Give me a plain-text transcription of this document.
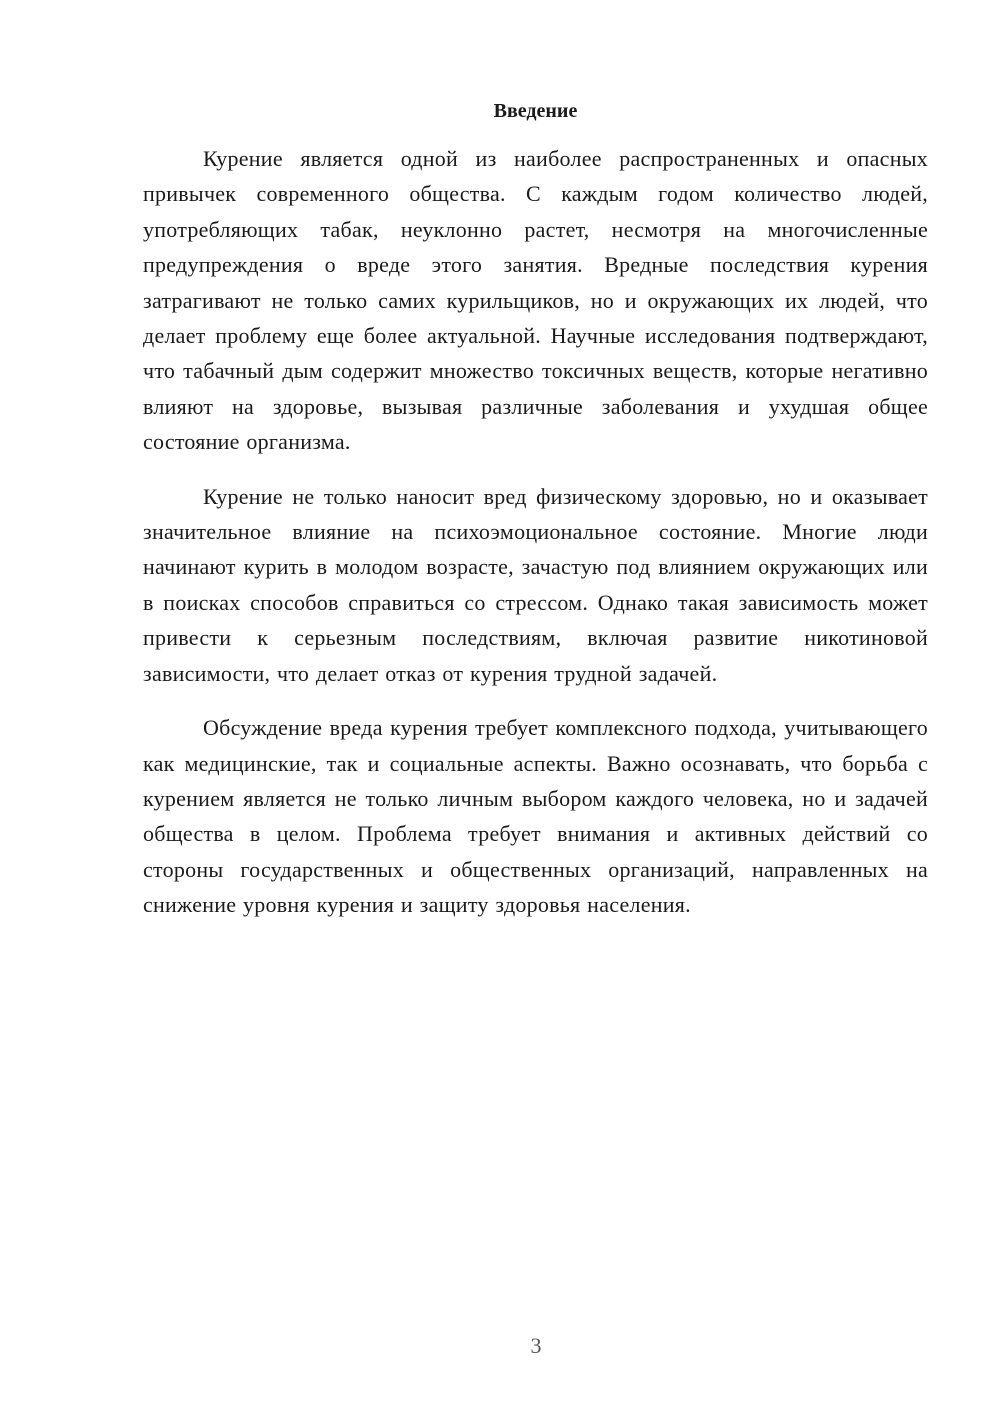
Введение

Курение является одной из наиболее распространенных и опасных привычек современного общества. С каждым годом количество людей, употребляющих табак, неуклонно растет, несмотря на многочисленные предупреждения о вреде этого занятия. Вредные последствия курения затрагивают не только самих курильщиков, но и окружающих их людей, что делает проблему еще более актуальной. Научные исследования подтверждают, что табачный дым содержит множество токсичных веществ, которые негативно влияют на здоровье, вызывая различные заболевания и ухудшая общее состояние организма.

Курение не только наносит вред физическому здоровью, но и оказывает значительное влияние на психоэмоциональное состояние. Многие люди начинают курить в молодом возрасте, зачастую под влиянием окружающих или в поисках способов справиться со стрессом. Однако такая зависимость может привести к серьезным последствиям, включая развитие никотиновой зависимости, что делает отказ от курения трудной задачей.

Обсуждение вреда курения требует комплексного подхода, учитывающего как медицинские, так и социальные аспекты. Важно осознавать, что борьба с курением является не только личным выбором каждого человека, но и задачей общества в целом. Проблема требует внимания и активных действий со стороны государственных и общественных организаций, направленных на снижение уровня курения и защиту здоровья населения.

3
